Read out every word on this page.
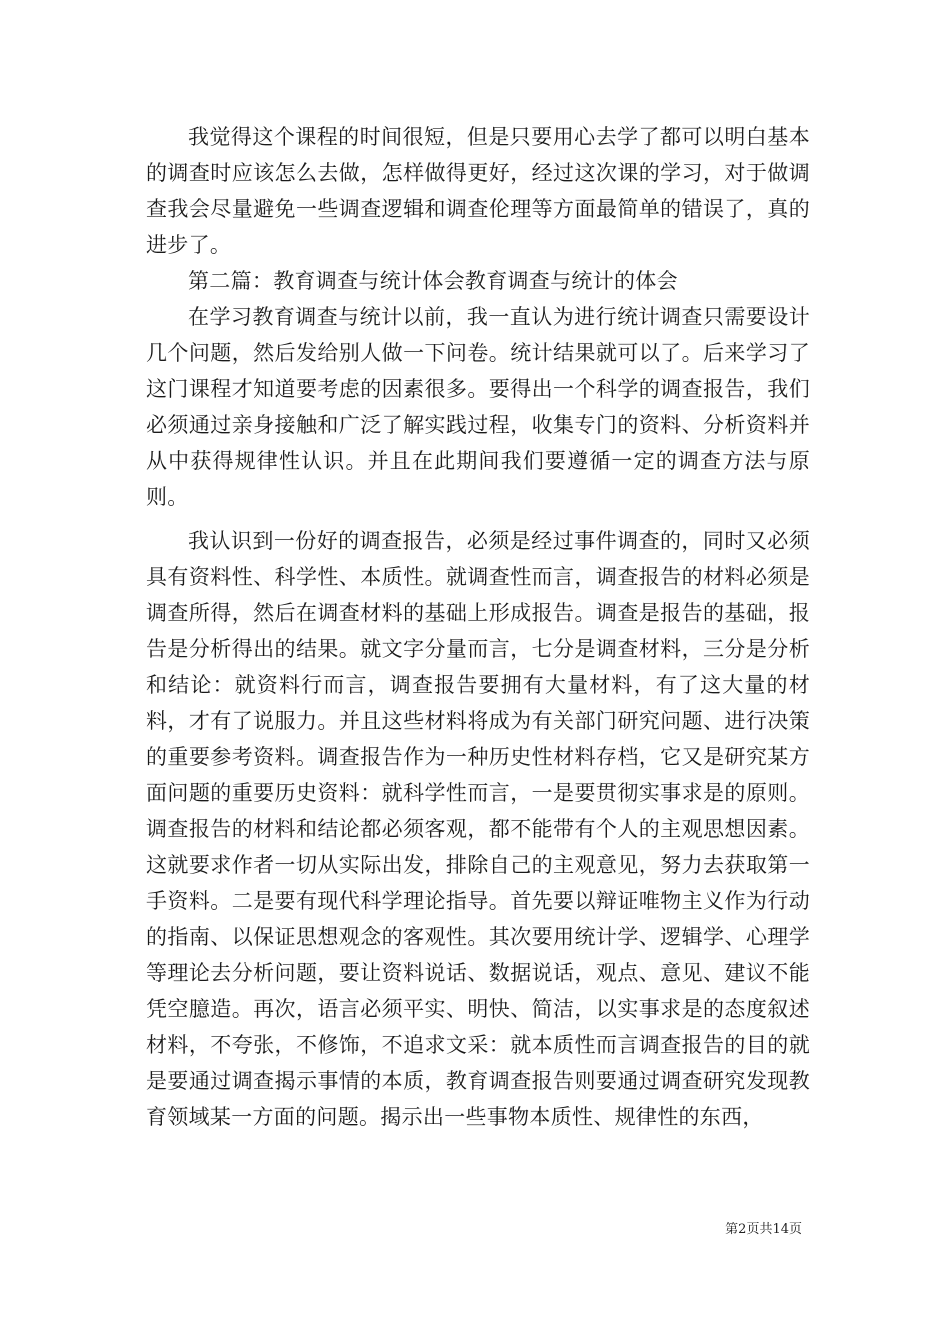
我觉得这个课程的时间很短，但是只要用心去学了都可以明白基本的调查时应该怎么去做，怎样做得更好，经过这次课的学习，对于做调查我会尽量避免一些调查逻辑和调查伦理等方面最简单的错误了，真的进步了。

第二篇：教育调查与统计体会教育调查与统计的体会

在学习教育调查与统计以前，我一直认为进行统计调查只需要设计几个问题，然后发给别人做一下问卷。统计结果就可以了。后来学习了这门课程才知道要考虑的因素很多。要得出一个科学的调查报告，我们必须通过亲身接触和广泛了解实践过程，收集专门的资料、分析资料并从中获得规律性认识。并且在此期间我们要遵循一定的调查方法与原则。

我认识到一份好的调查报告，必须是经过事件调查的，同时又必须具有资料性、科学性、本质性。就调查性而言，调查报告的材料必须是调查所得，然后在调查材料的基础上形成报告。调查是报告的基础，报告是分析得出的结果。就文字分量而言，七分是调查材料，三分是分析和结论：就资料行而言，调查报告要拥有大量材料，有了这大量的材料，才有了说服力。并且这些材料将成为有关部门研究问题、进行决策的重要参考资料。调查报告作为一种历史性材料存档，它又是研究某方面问题的重要历史资料：就科学性而言，一是要贯彻实事求是的原则。调查报告的材料和结论都必须客观，都不能带有个人的主观思想因素。这就要求作者一切从实际出发，排除自己的主观意见，努力去获取第一手资料。二是要有现代科学理论指导。首先要以辩证唯物主义作为行动的指南、以保证思想观念的客观性。其次要用统计学、逻辑学、心理学等理论去分析问题，要让资料说话、数据说话，观点、意见、建议不能凭空臆造。再次，语言必须平实、明快、简洁，以实事求是的态度叙述材料，不夸张，不修饰，不追求文采：就本质性而言调查报告的目的就是要通过调查揭示事情的本质，教育调查报告则要通过调查研究发现教育领域某一方面的问题。揭示出一些事物本质性、规律性的东西，

第2页共14页
